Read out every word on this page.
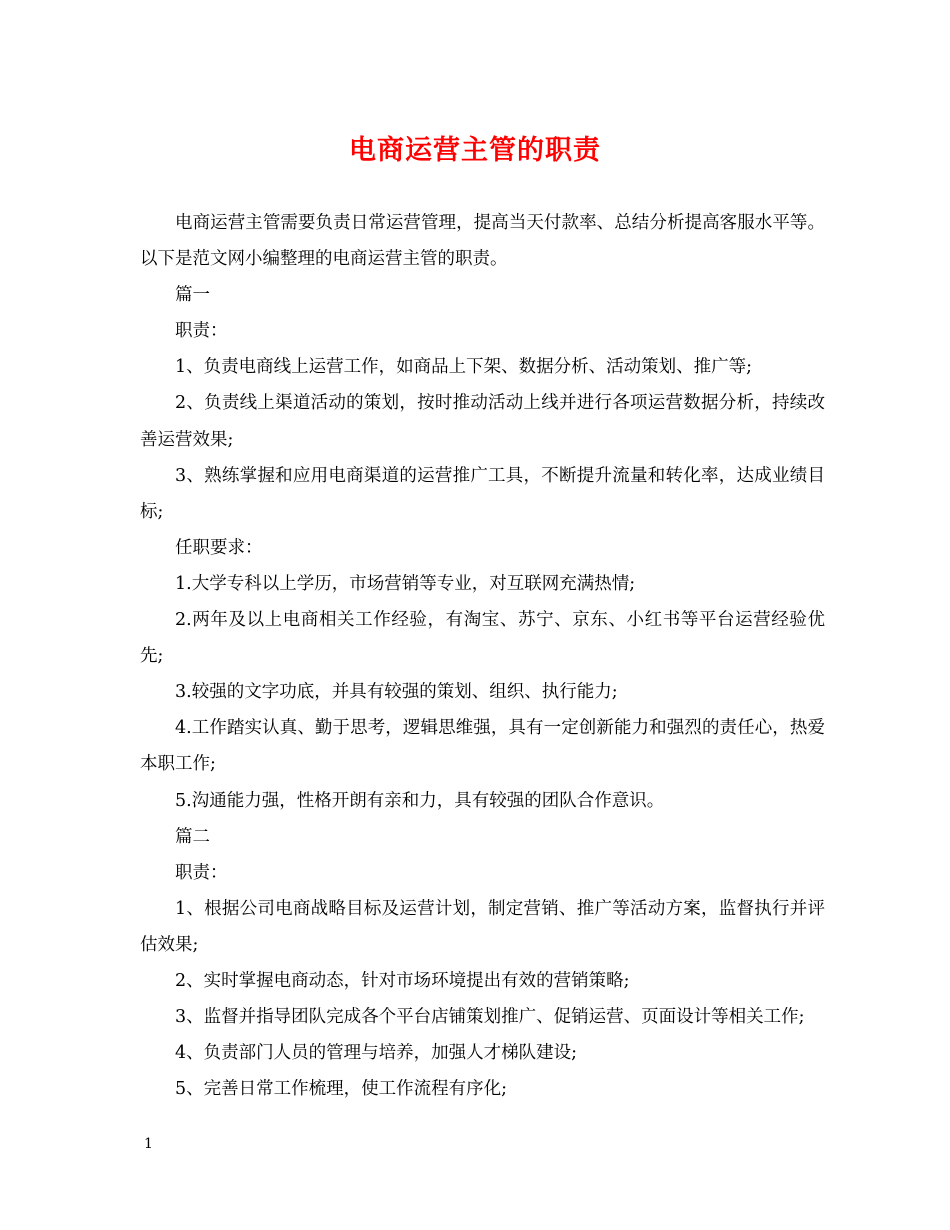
电商运营主管的职责

电商运营主管需要负责日常运营管理，提高当天付款率、总结分析提高客服水平等。以下是范文网小编整理的电商运营主管的职责。

篇一

职责：

1、负责电商线上运营工作，如商品上下架、数据分析、活动策划、推广等;

2、负责线上渠道活动的策划，按时推动活动上线并进行各项运营数据分析，持续改善运营效果;

3、熟练掌握和应用电商渠道的运营推广工具，不断提升流量和转化率，达成业绩目标;

任职要求：

1.大学专科以上学历，市场营销等专业，对互联网充满热情;

2.两年及以上电商相关工作经验，有淘宝、苏宁、京东、小红书等平台运营经验优先;

3.较强的文字功底，并具有较强的策划、组织、执行能力;

4.工作踏实认真、勤于思考，逻辑思维强，具有一定创新能力和强烈的责任心，热爱本职工作;

5.沟通能力强，性格开朗有亲和力，具有较强的团队合作意识。

篇二

职责：

1、根据公司电商战略目标及运营计划，制定营销、推广等活动方案，监督执行并评估效果;

2、实时掌握电商动态，针对市场环境提出有效的营销策略;

3、监督并指导团队完成各个平台店铺策划推广、促销运营、页面设计等相关工作;

4、负责部门人员的管理与培养，加强人才梯队建设;

5、完善日常工作梳理，使工作流程有序化;

1
